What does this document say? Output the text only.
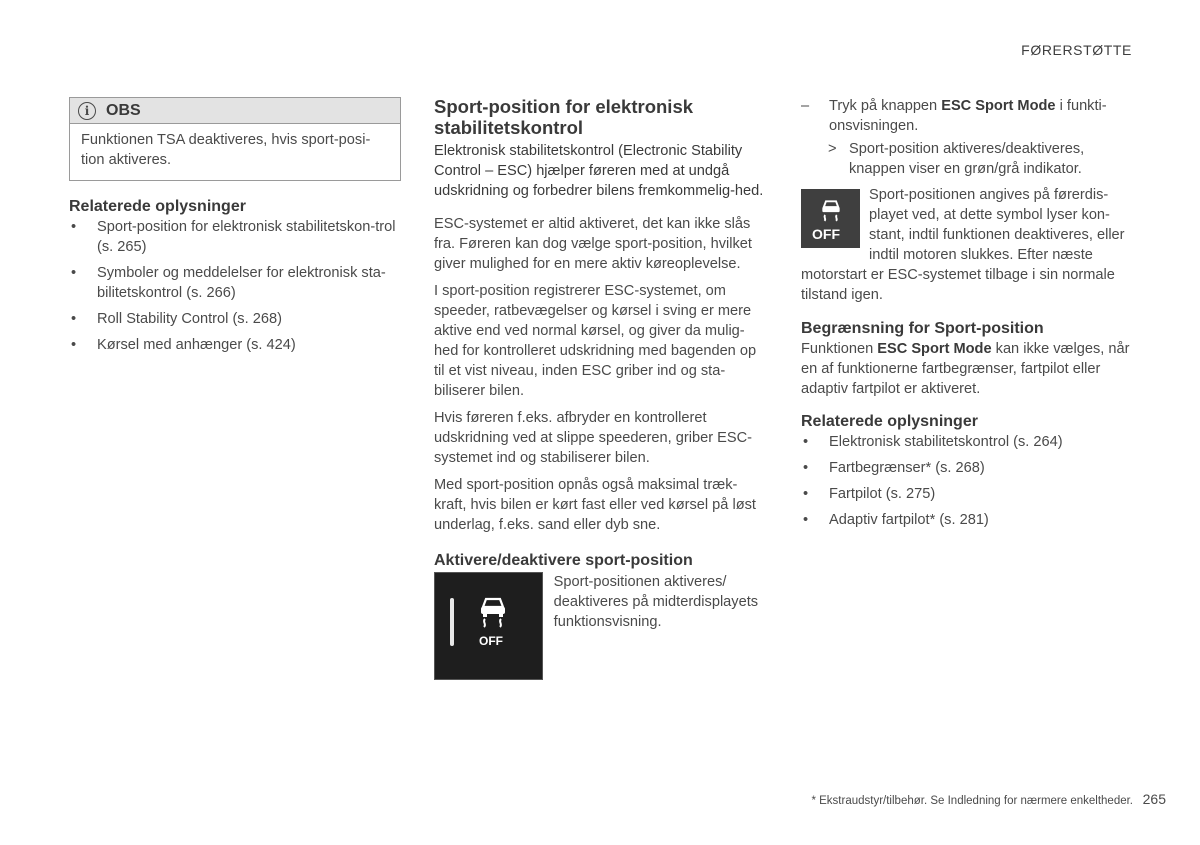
FØRERSTØTTE
i	OBS
Funktionen TSA deaktiveres, hvis sport-posi-tion aktiveres.
Relaterede oplysninger
• Sport-position for elektronisk stabilitetskon-trol (s. 265)
• Symboler og meddelelser for elektronisk sta-bilitetskontrol (s. 266)
• Roll Stability Control (s. 268)
• Kørsel med anhænger (s. 424)
Sport-position for elektronisk stabilitetskontrol

Elektronisk stabilitetskontrol (Electronic Stability Control – ESC) hjælper føreren med at undgå udskridning og forbedrer bilens fremkommelig-hed.

ESC-systemet er altid aktiveret, det kan ikke slås fra. Føreren kan dog vælge sport-position, hvilket giver mulighed for en mere aktiv køreoplevelse.

I sport-position registrerer ESC-systemet, om speeder, ratbevægelser og kørsel i sving er mere aktive end ved normal kørsel, og giver da mulig-hed for kontrolleret udskridning med bagenden op til et vist niveau, inden ESC griber ind og sta-biliserer bilen.

Hvis føreren f.eks. afbryder en kontrolleret udskridning ved at slippe speederen, griber ESC-systemet ind og stabiliserer bilen.

Med sport-position opnås også maksimal træk-kraft, hvis bilen er kørt fast eller ved kørsel på løst underlag, f.eks. sand eller dyb sne.

Aktivere/deaktivere sport-position
OFF

Sport-positionen aktiveres/ deaktiveres på midterdisplayets funktionsvisning.

– Tryk på knappen ESC Sport Mode i funkti-onsvisningen.
> Sport-position aktiveres/deaktiveres, knappen viser en grøn/grå indikator.
OFF

Sport-positionen angives på førerdis-playet ved, at dette symbol lyser kon-stant, indtil funktionen deaktiveres, eller indtil motoren slukkes. Efter næste

motorstart er ESC-systemet tilbage i sin normale tilstand igen.

Begrænsning for Sport-position

Funktionen ESC Sport Mode kan ikke vælges, når en af funktionerne fartbegrænser, fartpilot eller adaptiv fartpilot er aktiveret.

Relaterede oplysninger
• Elektronisk stabilitetskontrol (s. 264)
• Fartbegrænser* (s. 268)
• Fartpilot (s. 275)
• Adaptiv fartpilot* (s. 281)
* Ekstraudstyr/tilbehør. Se Indledning for nærmere enkeltheder. 265
